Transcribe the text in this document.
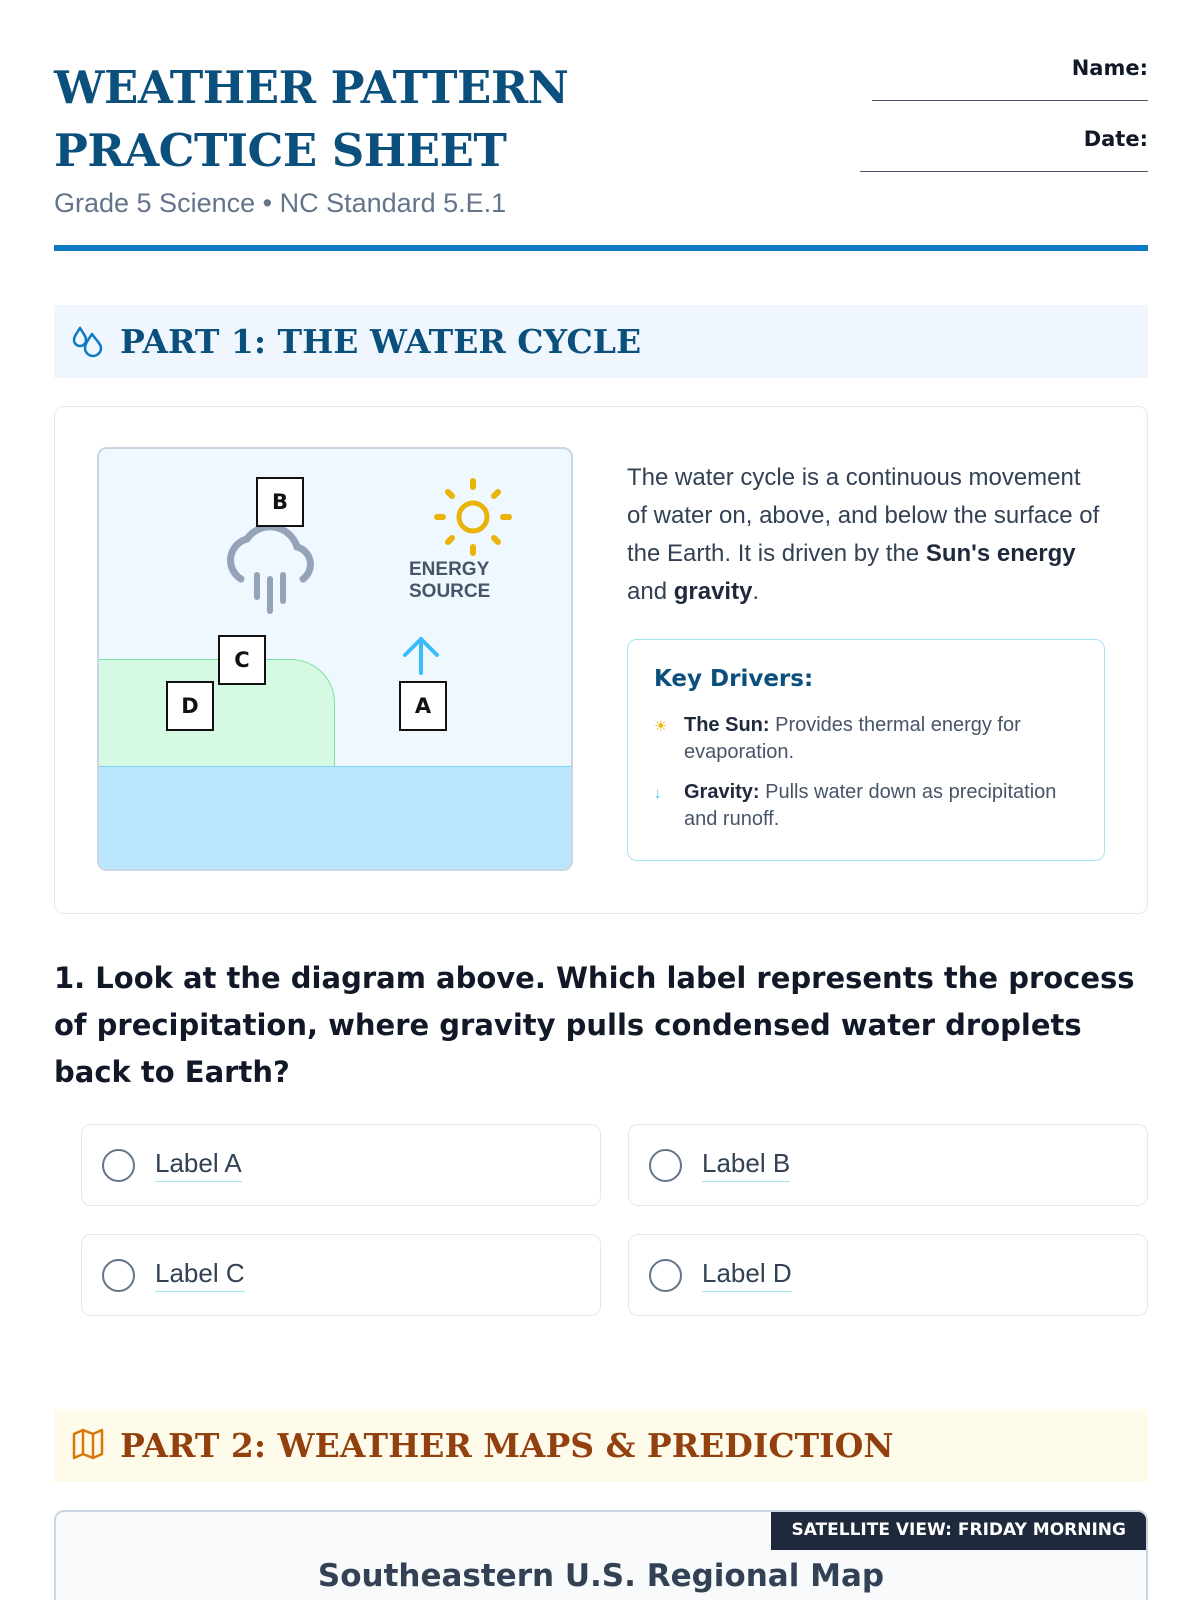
WEATHER PATTERN PRACTICE SHEET
Grade 5 Science • NC Standard 5.E.1
Name:
Date:
PART 1: THE WATER CYCLE
ENERGY SOURCE
B
C
D	A

The water cycle is a continuous movement of water on, above, and below the surface of the Earth. It is driven by the Sun's energy and gravity.

Key Drivers:
☀ The Sun: Provides thermal energy for evaporation.
↓	Gravity: Pulls water down as precipitation and runoff.
1. Look at the diagram above. Which label represents the process of precipitation, where gravity pulls condensed water droplets back to Earth?
Label A	Label B
Label C	Label D
PART 2: WEATHER MAPS & PREDICTION
SATELLITE VIEW: FRIDAY MORNING
Southeastern U.S. Regional Map
